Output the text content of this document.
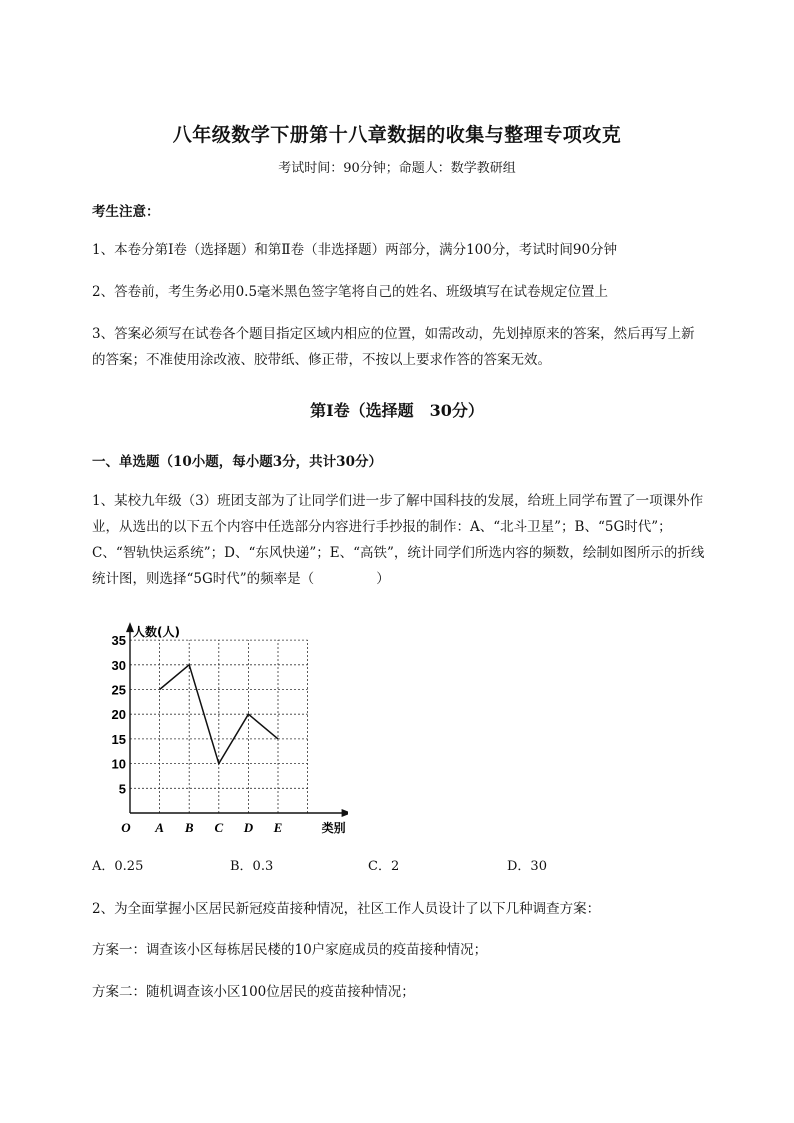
八年级数学下册第十八章数据的收集与整理专项攻克
考试时间：90分钟；命题人：数学教研组
考生注意：
1、本卷分第I卷（选择题）和第Ⅱ卷（非选择题）两部分，满分100分，考试时间90分钟
2、答卷前，考生务必用0.5毫米黑色签字笔将自己的姓名、班级填写在试卷规定位置上
3、答案必须写在试卷各个题目指定区域内相应的位置，如需改动，先划掉原来的答案，然后再写上新的答案；不准使用涂改液、胶带纸、修正带，不按以上要求作答的答案无效。
第I卷（选择题　30分）
一、单选题（10小题，每小题3分，共计30分）
1、某校九年级（3）班团支部为了让同学们进一步了解中国科技的发展，给班上同学布置了一项课外作业，从选出的以下五个内容中任选部分内容进行手抄报的制作：A、“北斗卫星”；B、“5G时代”；C、“智轨快运系统”；D、“东风快递”；E、“高铁”，统计同学们所选内容的频数，绘制如图所示的折线统计图，则选择“5G时代”的频率是（	）
5
10
15
20
25
30
35
A B C D E
O
人数(人)
类别
A．0.25	B．0.3	C．2	D．30
2、为全面掌握小区居民新冠疫苗接种情况，社区工作人员设计了以下几种调查方案：
方案一：调查该小区每栋居民楼的10户家庭成员的疫苗接种情况；
方案二：随机调查该小区100位居民的疫苗接种情况；
